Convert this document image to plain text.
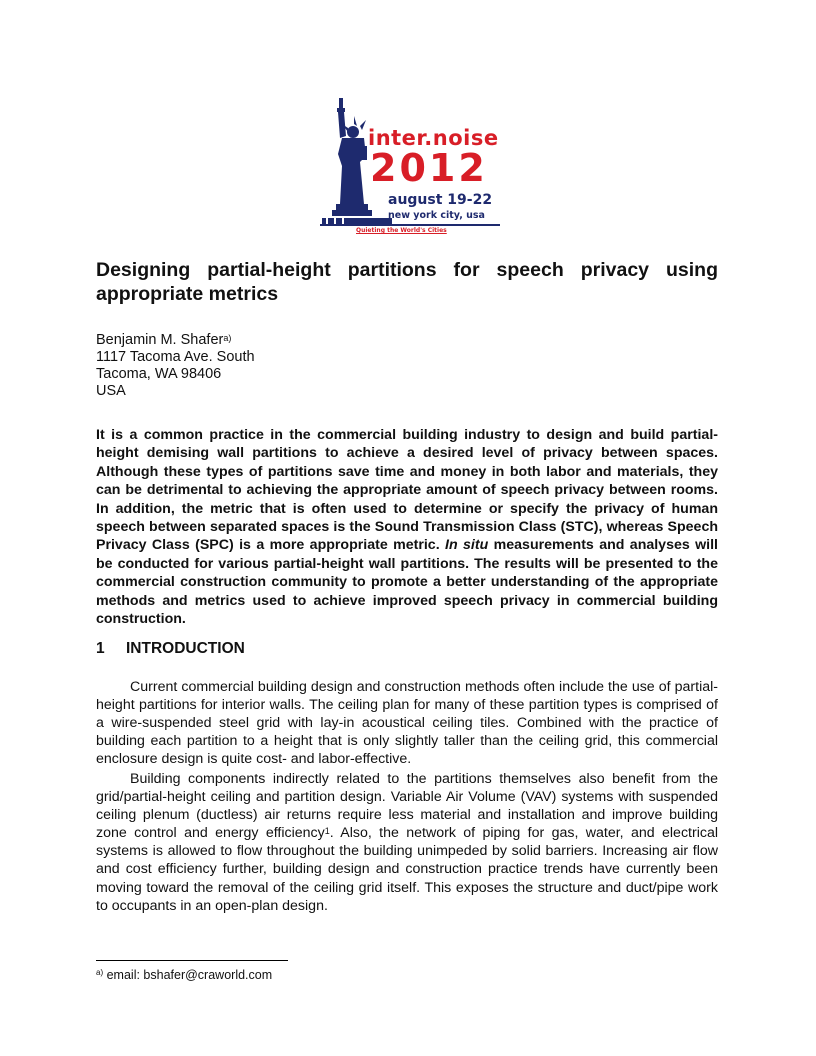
inter.noise
2012
august 19-22
new york city, usa
Quieting the World's Cities
Designing partial-height partitions for speech privacy using
appropriate metrics
Benjamin M. Shafer$^{a)}$
1117 Tacoma Ave. South
Tacoma, WA 98406
USA

It is a common practice in the commercial building industry to design and build partial-height demising wall partitions to achieve a desired level of privacy between spaces. Although these types of partitions save time and money in both labor and materials, they can be detrimental to achieving the appropriate amount of speech privacy between rooms. In addition, the metric that is often used to determine or specify the privacy of human speech between separated spaces is the Sound Transmission Class (STC), whereas Speech Privacy Class (SPC) is a more appropriate metric. In situ measurements and analyses will be conducted for various partial-height wall partitions. The results will be presented to the commercial construction community to promote a better understanding of the appropriate methods and metrics used to achieve improved speech privacy in commercial building construction.

1 INTRODUCTION

Current commercial building design and construction methods often include the use of partial-height partitions for interior walls. The ceiling plan for many of these partition types is comprised of a wire-suspended steel grid with lay-in acoustical ceiling tiles. Combined with the practice of building each partition to a height that is only slightly taller than the ceiling grid, this commercial enclosure design is quite cost- and labor-effective.

Building components indirectly related to the partitions themselves also benefit from the grid/partial-height ceiling and partition design. Variable Air Volume (VAV) systems with suspended ceiling plenum (ductless) air returns require less material and installation and improve building zone control and energy efficiency$^1$. Also, the network of piping for gas, water, and electrical systems is allowed to flow throughout the building unimpeded by solid barriers. Increasing air flow and cost efficiency further, building design and construction practice trends have currently been moving toward the removal of the ceiling grid itself. This exposes the structure and duct/pipe work to occupants in an open-plan design.

$^{a)}$ email: bshafer@craworld.com
